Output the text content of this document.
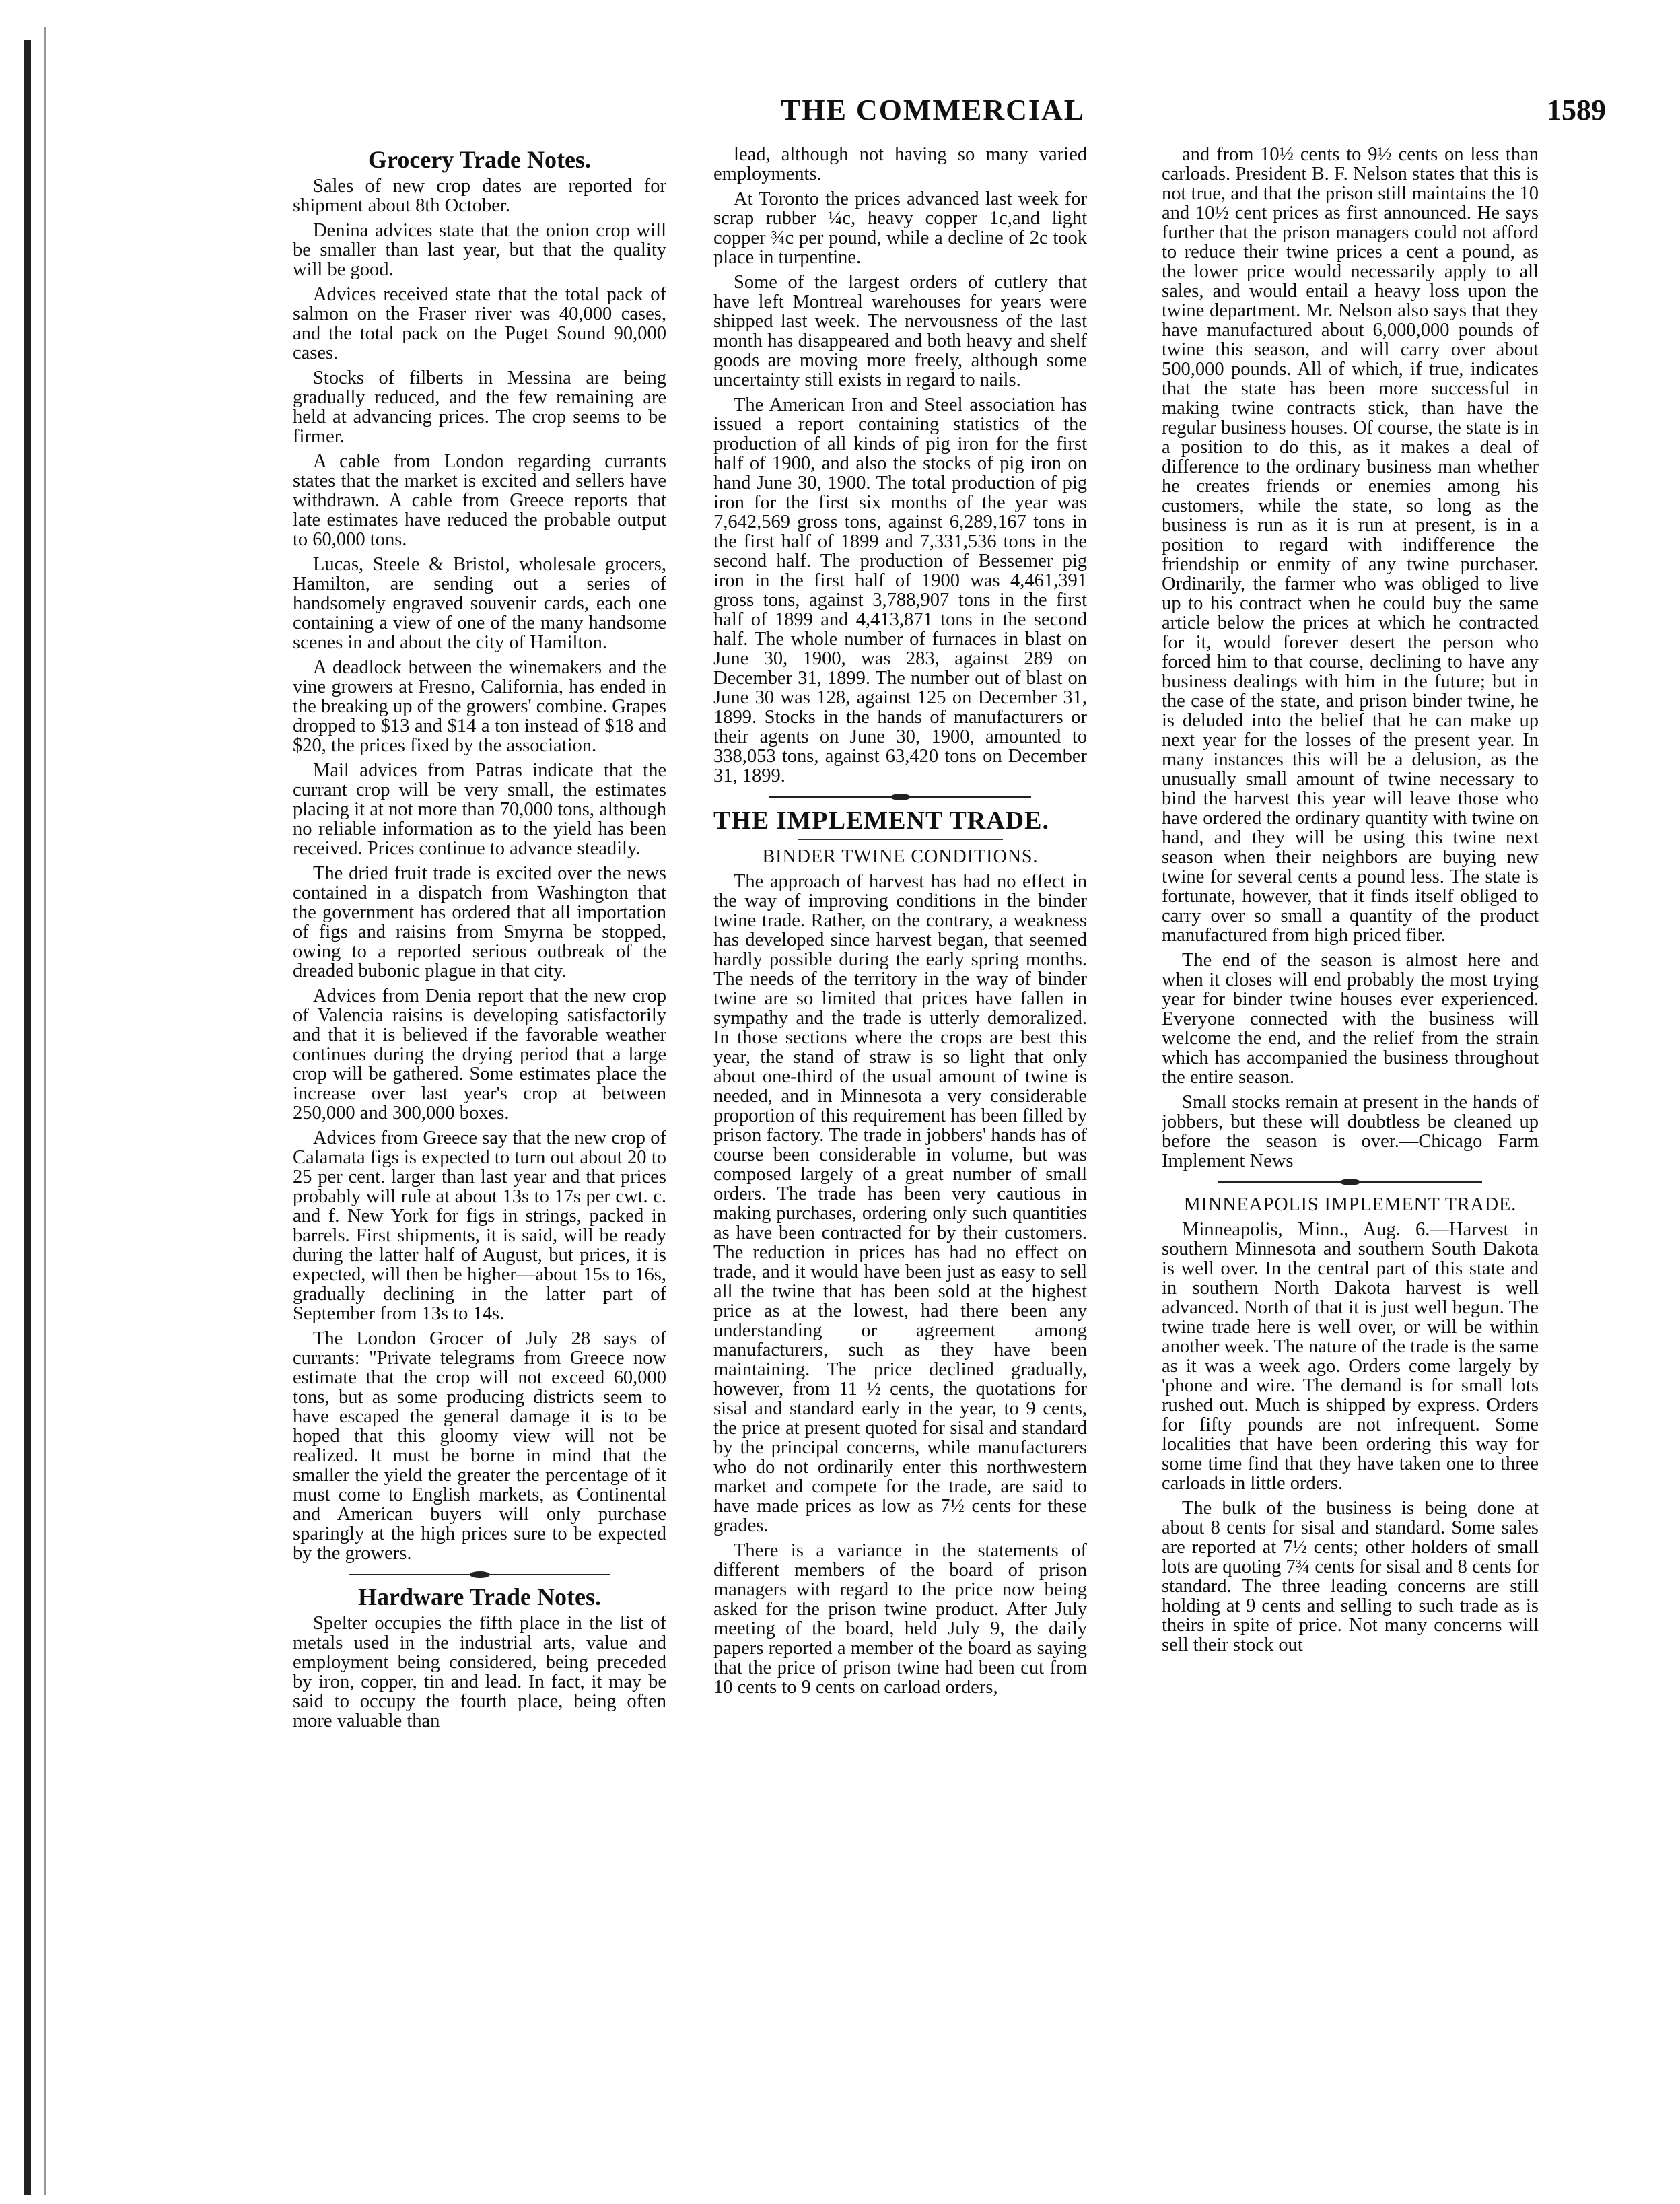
THE COMMERCIAL	1589
Grocery Trade Notes.

Sales of new crop dates are reported for shipment about 8th October.

Denina advices state that the onion crop will be smaller than last year, but that the quality will be good.

Advices received state that the total pack of salmon on the Fraser river was 40,000 cases, and the total pack on the Puget Sound 90,000 cases.

Stocks of filberts in Messina are being gradually reduced, and the few remaining are held at advancing prices. The crop seems to be firmer.

A cable from London regarding currants states that the market is excited and sellers have withdrawn. A cable from Greece reports that late estimates have reduced the probable output to 60,000 tons.

Lucas, Steele & Bristol, wholesale grocers, Hamilton, are sending out a series of handsomely engraved souvenir cards, each one containing a view of one of the many handsome scenes in and about the city of Hamilton.

A deadlock between the winemakers and the vine growers at Fresno, California, has ended in the breaking up of the growers' combine. Grapes dropped to $13 and $14 a ton instead of $18 and $20, the prices fixed by the association.

Mail advices from Patras indicate that the currant crop will be very small, the estimates placing it at not more than 70,000 tons, although no reliable information as to the yield has been received. Prices continue to advance steadily.

The dried fruit trade is excited over the news contained in a dispatch from Washington that the government has ordered that all importation of figs and raisins from Smyrna be stopped, owing to a reported serious outbreak of the dreaded bubonic plague in that city.

Advices from Denia report that the new crop of Valencia raisins is developing satisfactorily and that it is believed if the favorable weather continues during the drying period that a large crop will be gathered. Some estimates place the increase over last year's crop at between 250,000 and 300,000 boxes.

Advices from Greece say that the new crop of Calamata figs is expected to turn out about 20 to 25 per cent. larger than last year and that prices probably will rule at about 13s to 17s per cwt. c. and f. New York for figs in strings, packed in barrels. First shipments, it is said, will be ready during the latter half of August, but prices, it is expected, will then be higher—about 15s to 16s, gradually declining in the latter part of September from 13s to 14s.

The London Grocer of July 28 says of currants: "Private telegrams from Greece now estimate that the crop will not exceed 60,000 tons, but as some producing districts seem to have escaped the general damage it is to be hoped that this gloomy view will not be realized. It must be borne in mind that the smaller the yield the greater the percentage of it must come to English markets, as Continental and American buyers will only purchase sparingly at the high prices sure to be expected by the growers.

Hardware Trade Notes.

Spelter occupies the fifth place in the list of metals used in the industrial arts, value and employment being considered, being preceded by iron, copper, tin and lead. In fact, it may be said to occupy the fourth place, being often more valuable than

lead, although not having so many varied employments.

At Toronto the prices advanced last week for scrap rubber ¼c, heavy copper 1c,and light copper ¾c per pound, while a decline of 2c took place in turpentine.

Some of the largest orders of cutlery that have left Montreal warehouses for years were shipped last week. The nervousness of the last month has disappeared and both heavy and shelf goods are moving more freely, although some uncertainty still exists in regard to nails.

The American Iron and Steel association has issued a report containing statistics of the production of all kinds of pig iron for the first half of 1900, and also the stocks of pig iron on hand June 30, 1900. The total production of pig iron for the first six months of the year was 7,642,569 gross tons, against 6,289,167 tons in the first half of 1899 and 7,331,536 tons in the second half. The production of Bessemer pig iron in the first half of 1900 was 4,461,391 gross tons, against 3,788,907 tons in the first half of 1899 and 4,413,871 tons in the second half. The whole number of furnaces in blast on June 30, 1900, was 283, against 289 on December 31, 1899. The number out of blast on June 30 was 128, against 125 on December 31, 1899. Stocks in the hands of manufacturers or their agents on June 30, 1900, amounted to 338,053 tons, against 63,420 tons on December 31, 1899.

THE IMPLEMENT TRADE.
BINDER TWINE CONDITIONS.

The approach of harvest has had no effect in the way of improving conditions in the binder twine trade. Rather, on the contrary, a weakness has developed since harvest began, that seemed hardly possible during the early spring months. The needs of the territory in the way of binder twine are so limited that prices have fallen in sympathy and the trade is utterly demoralized. In those sections where the crops are best this year, the stand of straw is so light that only about one-third of the usual amount of twine is needed, and in Minnesota a very considerable proportion of this requirement has been filled by prison factory. The trade in jobbers' hands has of course been considerable in volume, but was composed largely of a great number of small orders. The trade has been very cautious in making purchases, ordering only such quantities as have been contracted for by their customers. The reduction in prices has had no effect on trade, and it would have been just as easy to sell all the twine that has been sold at the highest price as at the lowest, had there been any understanding or agreement among manufacturers, such as they have been maintaining. The price declined gradually, however, from 11 ½ cents, the quotations for sisal and standard early in the year, to 9 cents, the price at present quoted for sisal and standard by the principal concerns, while manufacturers who do not ordinarily enter this northwestern market and compete for the trade, are said to have made prices as low as 7½ cents for these grades.

There is a variance in the statements of different members of the board of prison managers with regard to the price now being asked for the prison twine product. After July meeting of the board, held July 9, the daily papers reported a member of the board as saying that the price of prison twine had been cut from 10 cents to 9 cents on carload orders,

and from 10½ cents to 9½ cents on less than carloads. President B. F. Nelson states that this is not true, and that the prison still maintains the 10 and 10½ cent prices as first announced. He says further that the prison managers could not afford to reduce their twine prices a cent a pound, as the lower price would necessarily apply to all sales, and would entail a heavy loss upon the twine department. Mr. Nelson also says that they have manufactured about 6,000,000 pounds of twine this season, and will carry over about 500,000 pounds. All of which, if true, indicates that the state has been more successful in making twine contracts stick, than have the regular business houses. Of course, the state is in a position to do this, as it makes a deal of difference to the ordinary business man whether he creates friends or enemies among his customers, while the state, so long as the business is run as it is run at present, is in a position to regard with indifference the friendship or enmity of any twine purchaser. Ordinarily, the farmer who was obliged to live up to his contract when he could buy the same article below the prices at which he contracted for it, would forever desert the person who forced him to that course, declining to have any business dealings with him in the future; but in the case of the state, and prison binder twine, he is deluded into the belief that he can make up next year for the losses of the present year. In many instances this will be a delusion, as the unusually small amount of twine necessary to bind the harvest this year will leave those who have ordered the ordinary quantity with twine on hand, and they will be using this twine next season when their neighbors are buying new twine for several cents a pound less. The state is fortunate, however, that it finds itself obliged to carry over so small a quantity of the product manufactured from high priced fiber.

The end of the season is almost here and when it closes will end probably the most trying year for binder twine houses ever experienced. Everyone connected with the business will welcome the end, and the relief from the strain which has accompanied the business throughout the entire season.

Small stocks remain at present in the hands of jobbers, but these will doubtless be cleaned up before the season is over.—Chicago Farm Implement News

MINNEAPOLIS IMPLEMENT TRADE.

Minneapolis, Minn., Aug. 6.—Harvest in southern Minnesota and southern South Dakota is well over. In the central part of this state and in southern North Dakota harvest is well advanced. North of that it is just well begun. The twine trade here is well over, or will be within another week. The nature of the trade is the same as it was a week ago. Orders come largely by 'phone and wire. The demand is for small lots rushed out. Much is shipped by express. Orders for fifty pounds are not infrequent. Some localities that have been ordering this way for some time find that they have taken one to three carloads in little orders.

The bulk of the business is being done at about 8 cents for sisal and standard. Some sales are reported at 7½ cents; other holders of small lots are quoting 7¾ cents for sisal and 8 cents for standard. The three leading concerns are still holding at 9 cents and selling to such trade as is theirs in spite of price. Not many concerns will sell their stock out
